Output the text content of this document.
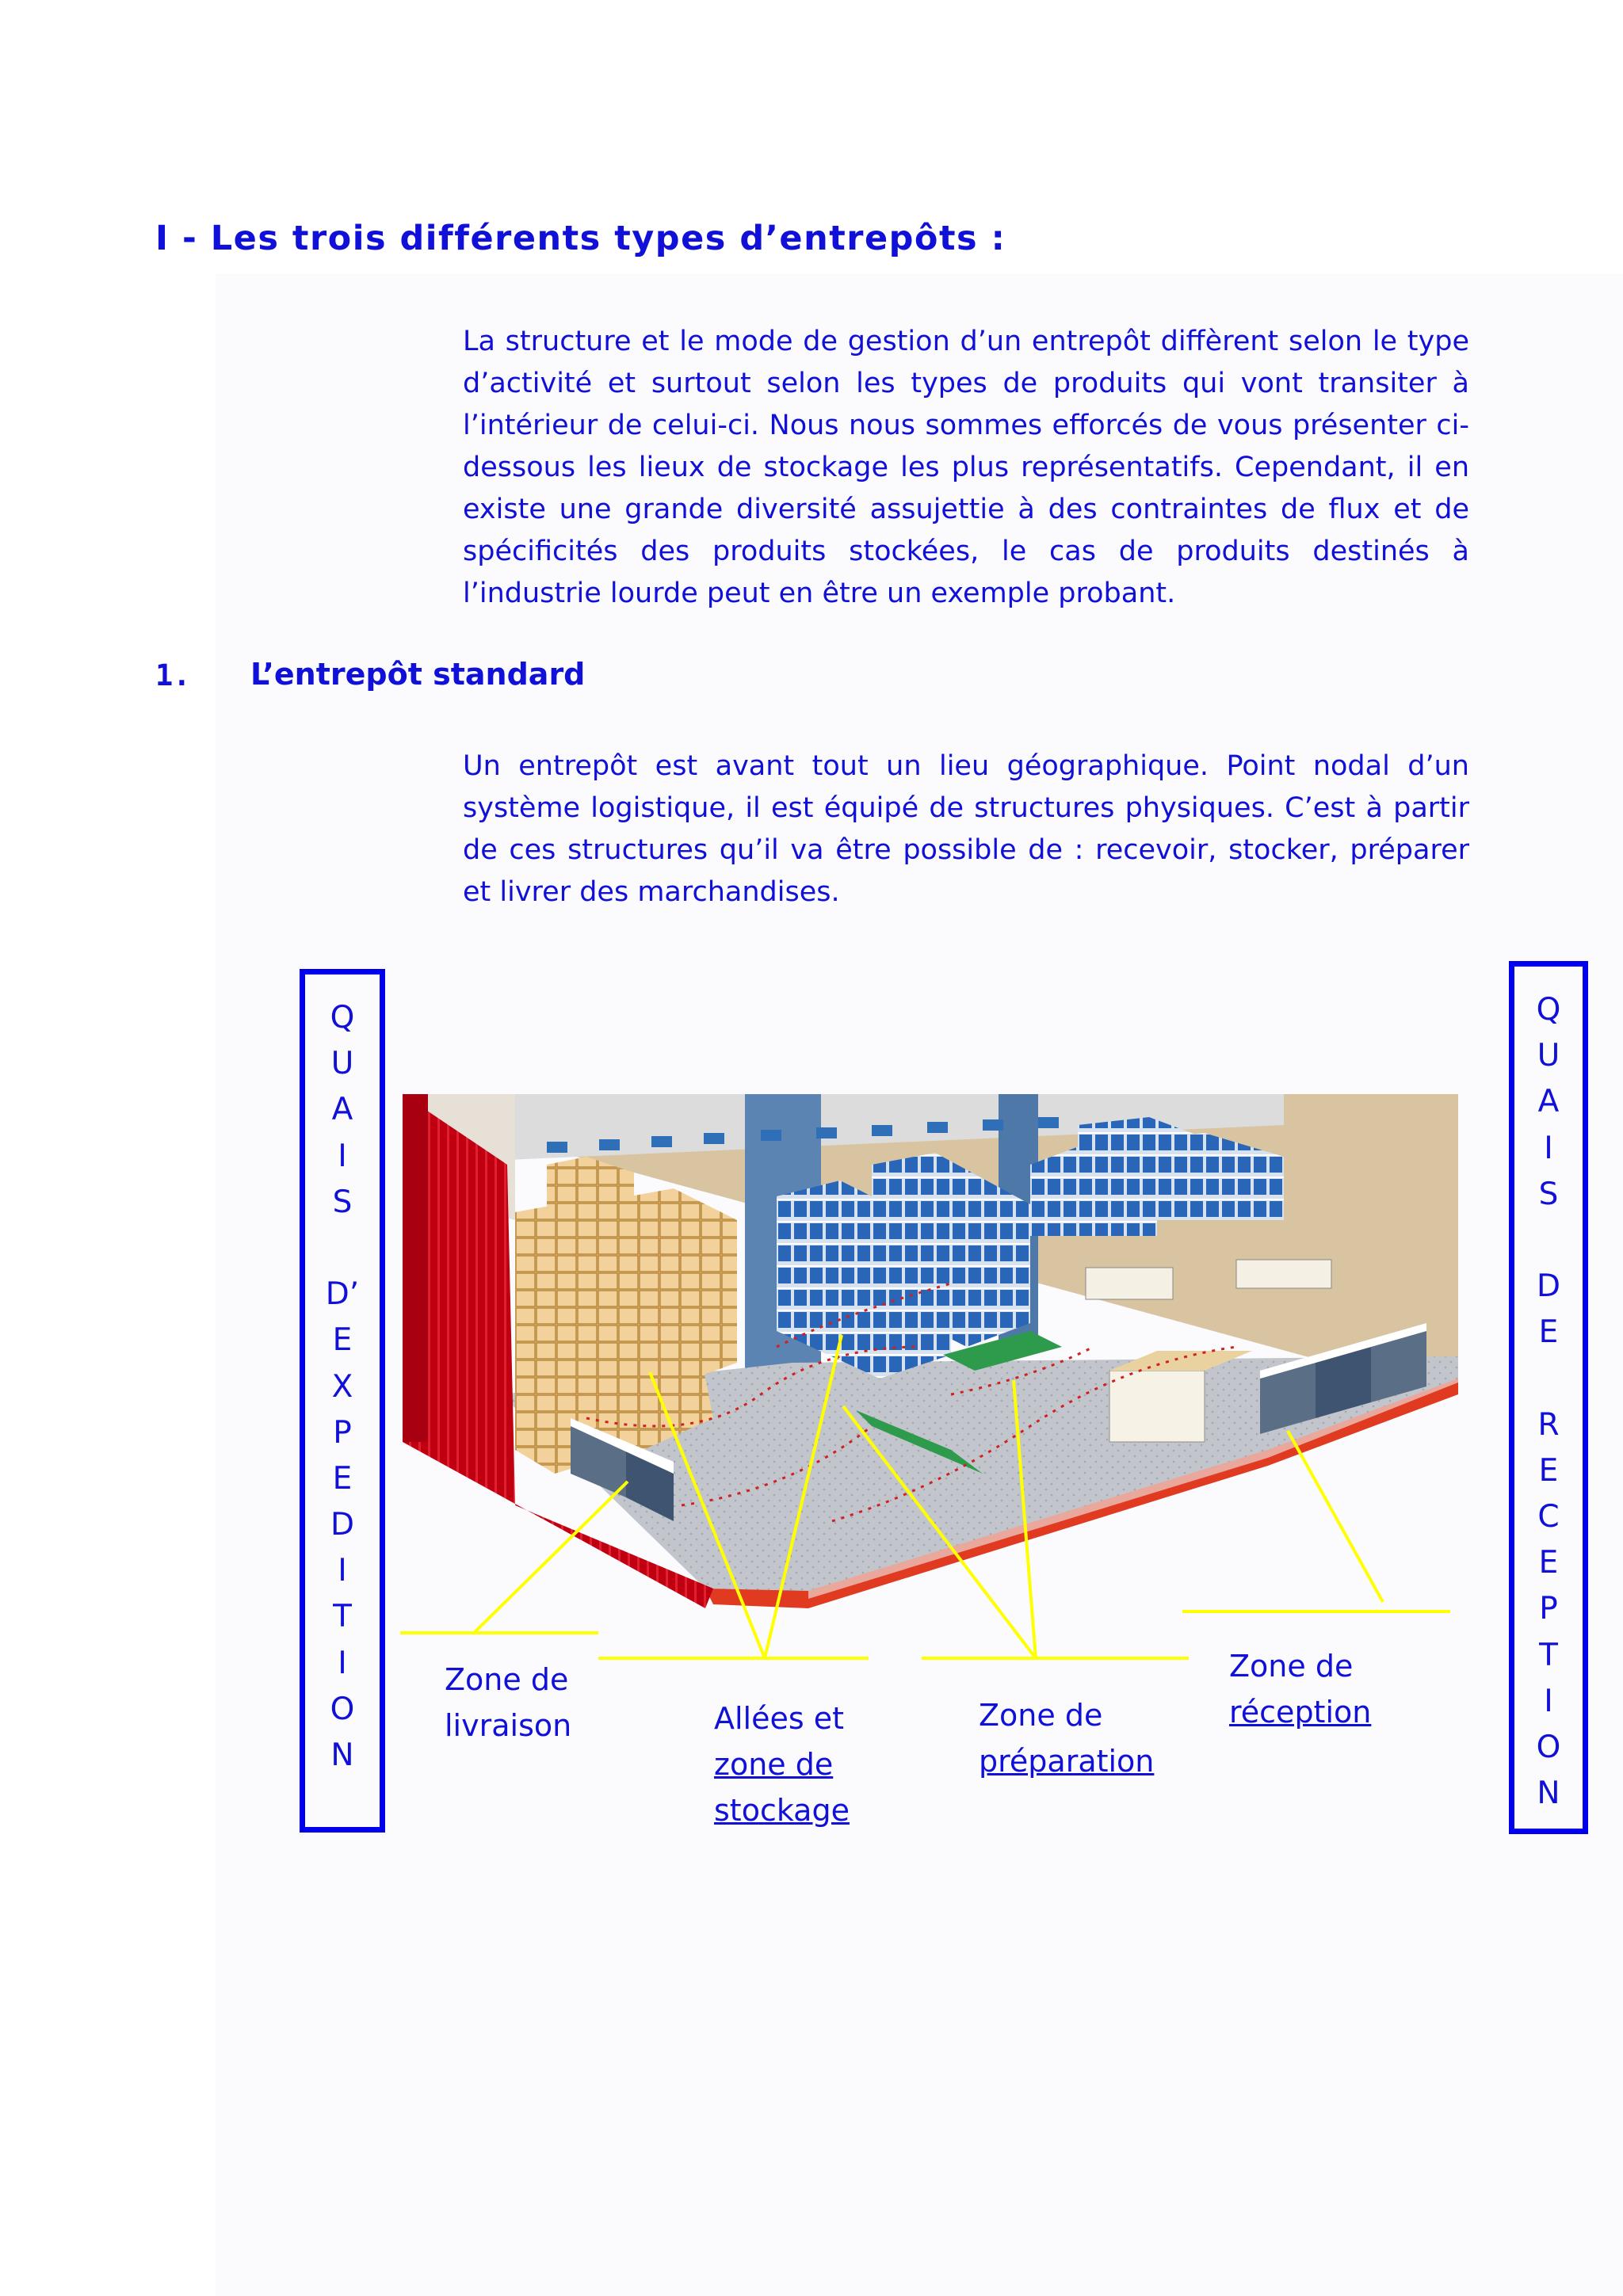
I - Les trois différents types d’entrepôts :

La structure et le mode de gestion d’un entrepôt diffèrent selon le type d’activité et surtout selon les types de produits qui vont transiter à l’intérieur de celui-ci. Nous nous sommes efforcés de vous présenter ci-dessous les lieux de stockage les plus représentatifs. Cependant, il en existe une grande diversité assujettie à des contraintes de flux et de spécificités des produits stockées, le cas de produits destinés à l’industrie lourde peut en être un exemple probant.

1. L’entrepôt standard

Un entrepôt est avant tout un lieu géographique. Point nodal d’un système logistique, il est équipé de structures physiques. C’est à partir de ces structures qu’il va être possible de : recevoir, stocker, préparer et livrer des marchandises.

Q
U
A
I
S
D’
E
X
P
E
D
I
T
I
O
N
Q
U
A
I
S
D
E
R
E
C
E
P
T
I
O
N
Zone de
livraison	Allées et
zone de
stockage
Zone de
préparation
Zone de
réception
